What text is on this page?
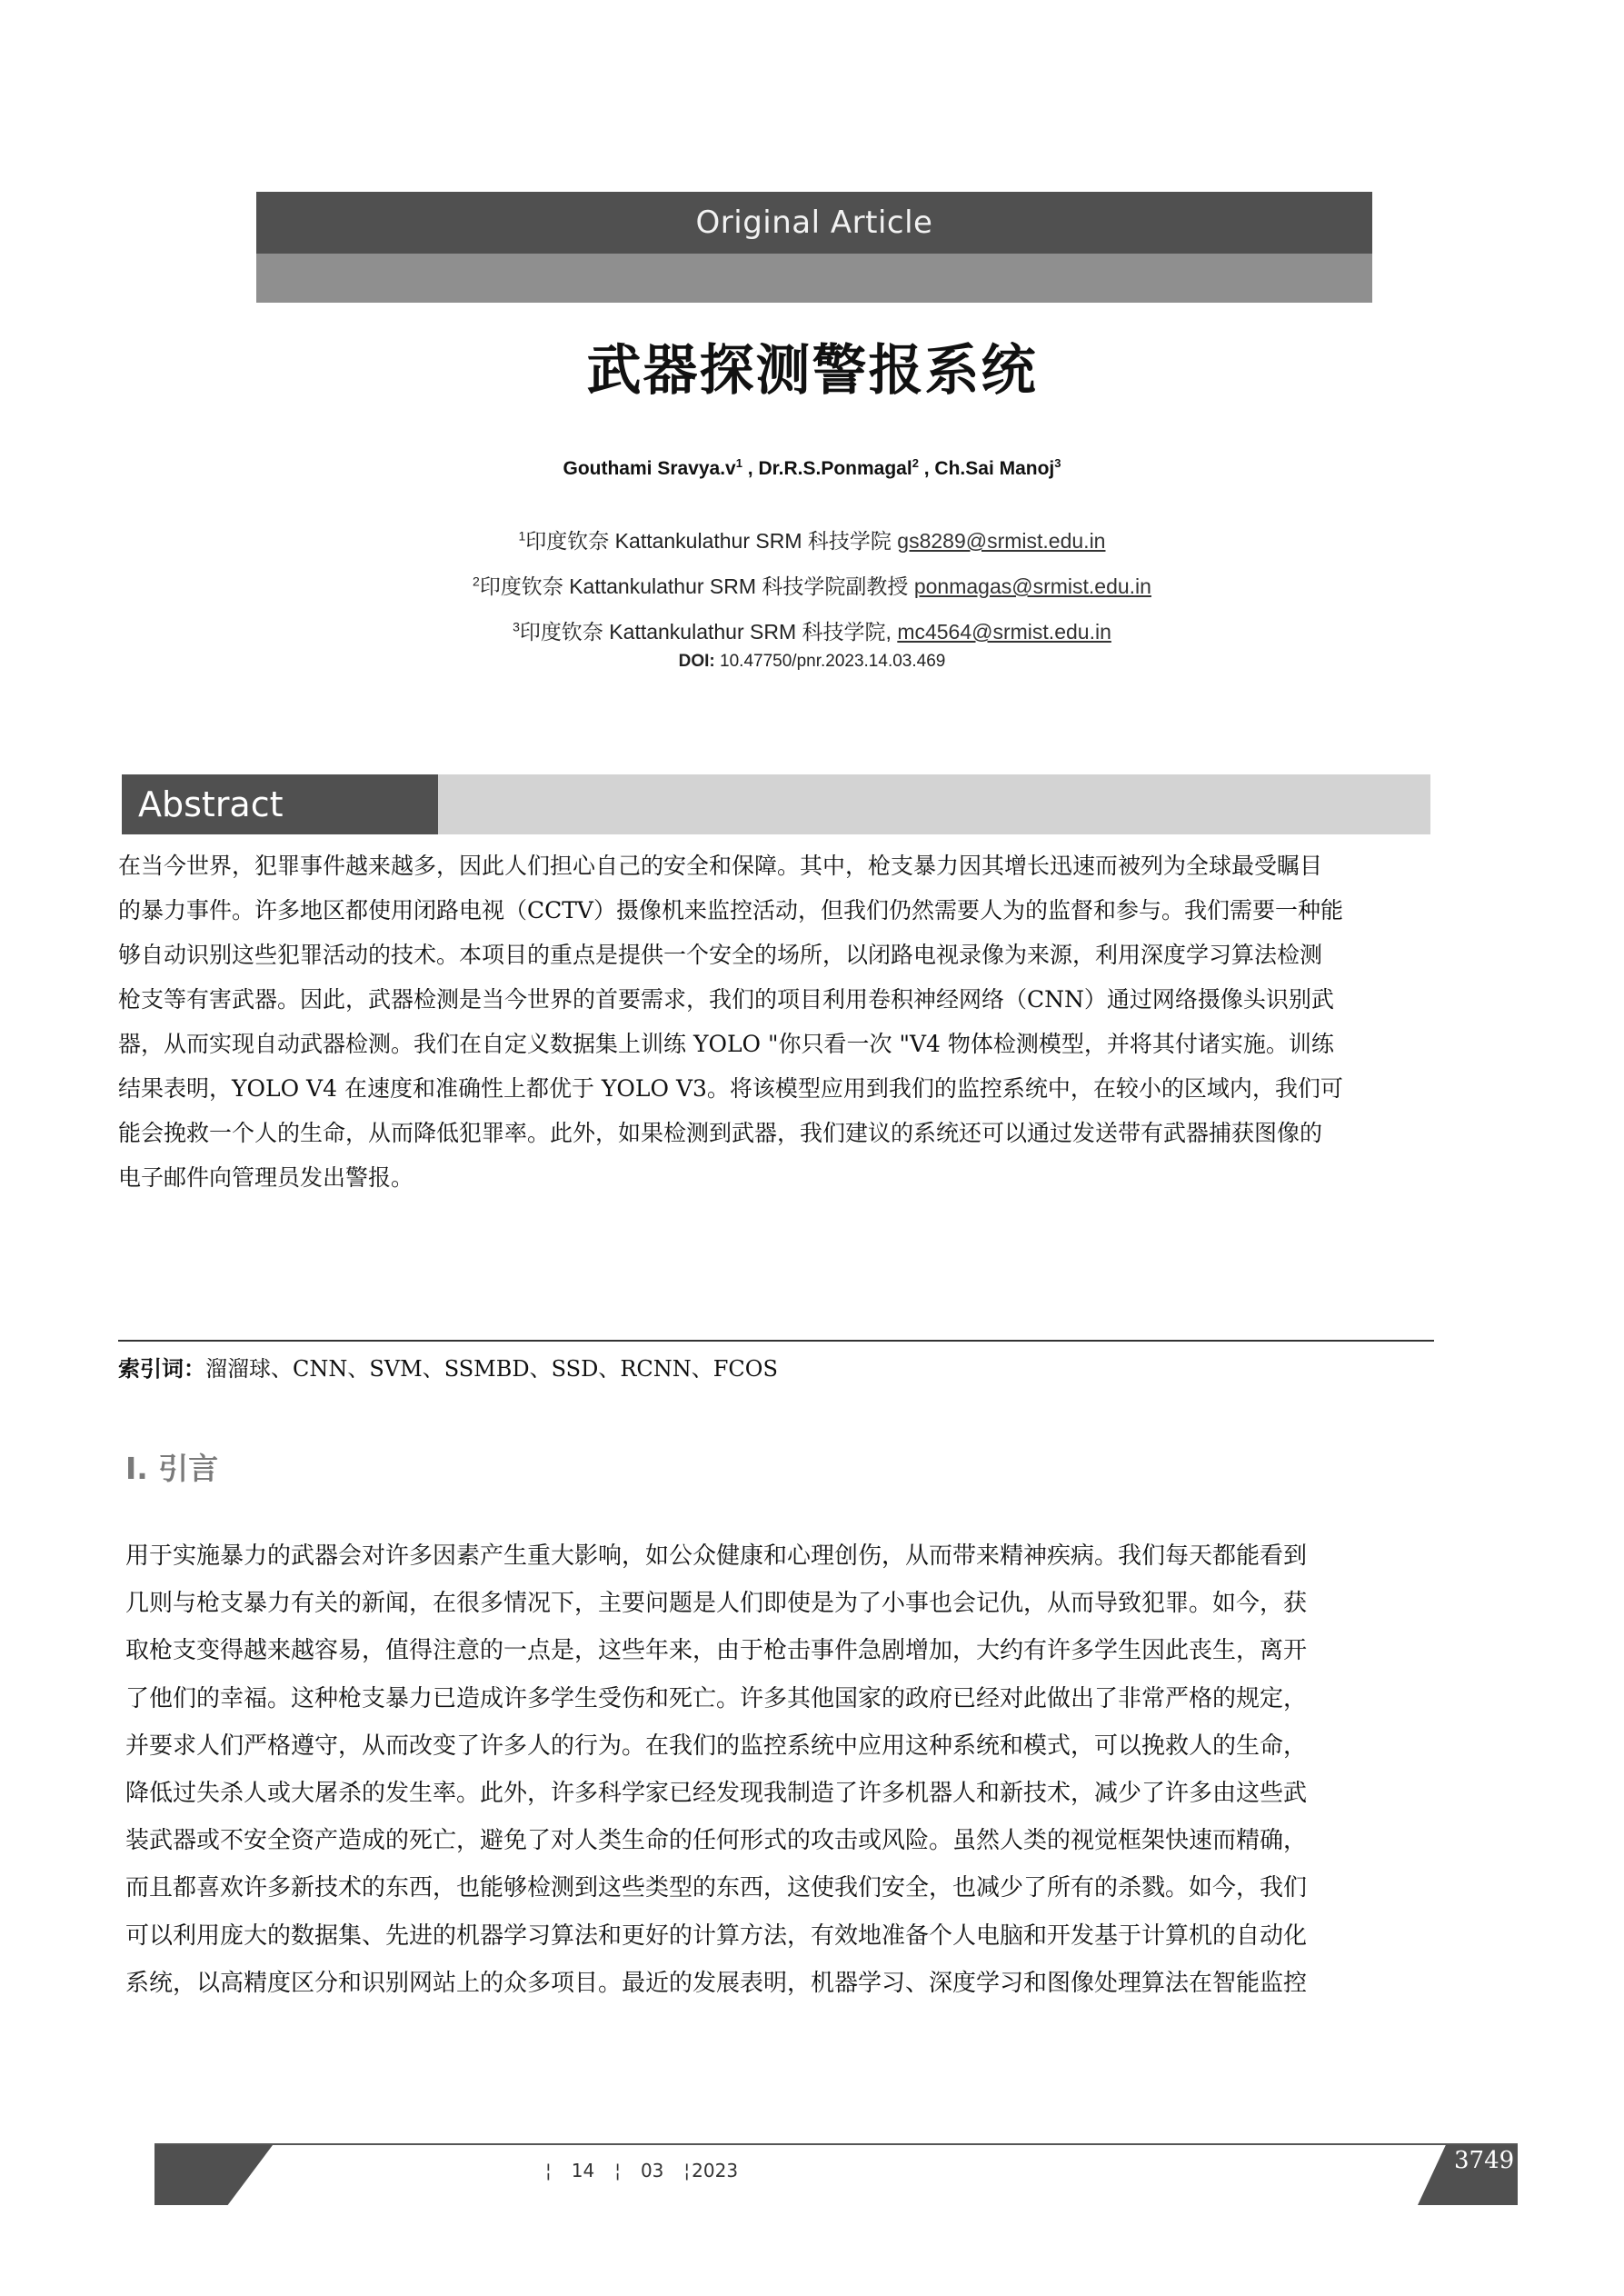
Original Article
武器探测警报系统
Gouthami $Sravya.v^1$ , Dr.R.S.Ponmagal$^2$ , Ch.Sai Manoj$^3$
$^1$印度钦奈 Kattankulathur SRM 科技学院 gs8289@srmist.edu.in
$^2$印度钦奈 Kattankulathur SRM 科技学院副教授 ponmagas@srmist.edu.in
$^3$印度钦奈 Kattankulathur SRM 科技学院, mc4564@srmist.edu.in
DOI: 10.47750/pnr.2023.14.03.469
Abstract
在当今世界，犯罪事件越来越多，因此人们担心自己的安全和保障。其中，枪支暴力因其增长迅速而被列为全球最受瞩目
的暴力事件。许多地区都使用闭路电视（CCTV）摄像机来监控活动，但我们仍然需要人为的监督和参与。我们需要一种能
够自动识别这些犯罪活动的技术。本项目的重点是提供一个安全的场所，以闭路电视录像为来源，利用深度学习算法检测
枪支等有害武器。因此，武器检测是当今世界的首要需求，我们的项目利用卷积神经网络（CNN）通过网络摄像头识别武
器，从而实现自动武器检测。我们在自定义数据集上训练 YOLO "你只看一次 "V4 物体检测模型，并将其付诸实施。训练
结果表明，YOLO V4 在速度和准确性上都优于 YOLO V3。将该模型应用到我们的监控系统中，在较小的区域内，我们可
能会挽救一个人的生命，从而降低犯罪率。此外，如果检测到武器，我们建议的系统还可以通过发送带有武器捕获图像的
电子邮件向管理员发出警报。
索引词：溜溜球、CNN、SVM、SSMBD、SSD、RCNN、FCOS
I. 引言
用于实施暴力的武器会对许多因素产生重大影响，如公众健康和心理创伤，从而带来精神疾病。我们每天都能看到
几则与枪支暴力有关的新闻，在很多情况下，主要问题是人们即使是为了小事也会记仇，从而导致犯罪。如今，获
取枪支变得越来越容易，值得注意的一点是，这些年来，由于枪击事件急剧增加，大约有许多学生因此丧生，离开
了他们的幸福。这种枪支暴力已造成许多学生受伤和死亡。许多其他国家的政府已经对此做出了非常严格的规定，
并要求人们严格遵守，从而改变了许多人的行为。在我们的监控系统中应用这种系统和模式，可以挽救人的生命，
降低过失杀人或大屠杀的发生率。此外，许多科学家已经发现我制造了许多机器人和新技术，减少了许多由这些武
装武器或不安全资产造成的死亡，避免了对人类生命的任何形式的攻击或风险。虽然人类的视觉框架快速而精确，
而且都喜欢许多新技术的东西，也能够检测到这些类型的东西，这使我们安全，也减少了所有的杀戮。如今，我们
可以利用庞大的数据集、先进的机器学习算法和更好的计算方法，有效地准备个人电脑和开发基于计算机的自动化
系统，以高精度区分和识别网站上的众多项目。最近的发展表明，机器学习、深度学习和图像处理算法在智能监控
¦ 14 ¦ 03 ¦ 2023	3749
